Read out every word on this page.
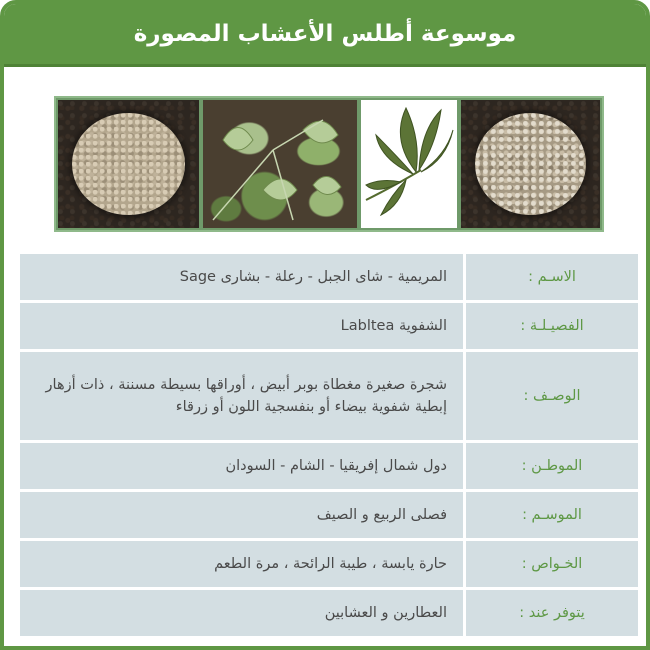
موسوعة أطلس الأعشاب المصورة
الاسـم :
المريمية - شاى الجبل - رعلة - بشارى Sage
الفصيـلـة :
الشفوية Labltea
الوصـف :
شجرة صغيرة مغطاة بوبر أبيض ، أوراقها بسيطة مسننة ، ذات أزهار إبطية شفوية بيضاء أو بنفسجية اللون أو زرقاء
الموطـن :
دول شمال إفريقيا - الشام - السودان
الموسـم :
فصلى الربيع و الصيف
الخـواص :
حارة يابسة ، طيبة الرائحة ، مرة الطعم
يتوفر عند :
العطارين و العشابين
